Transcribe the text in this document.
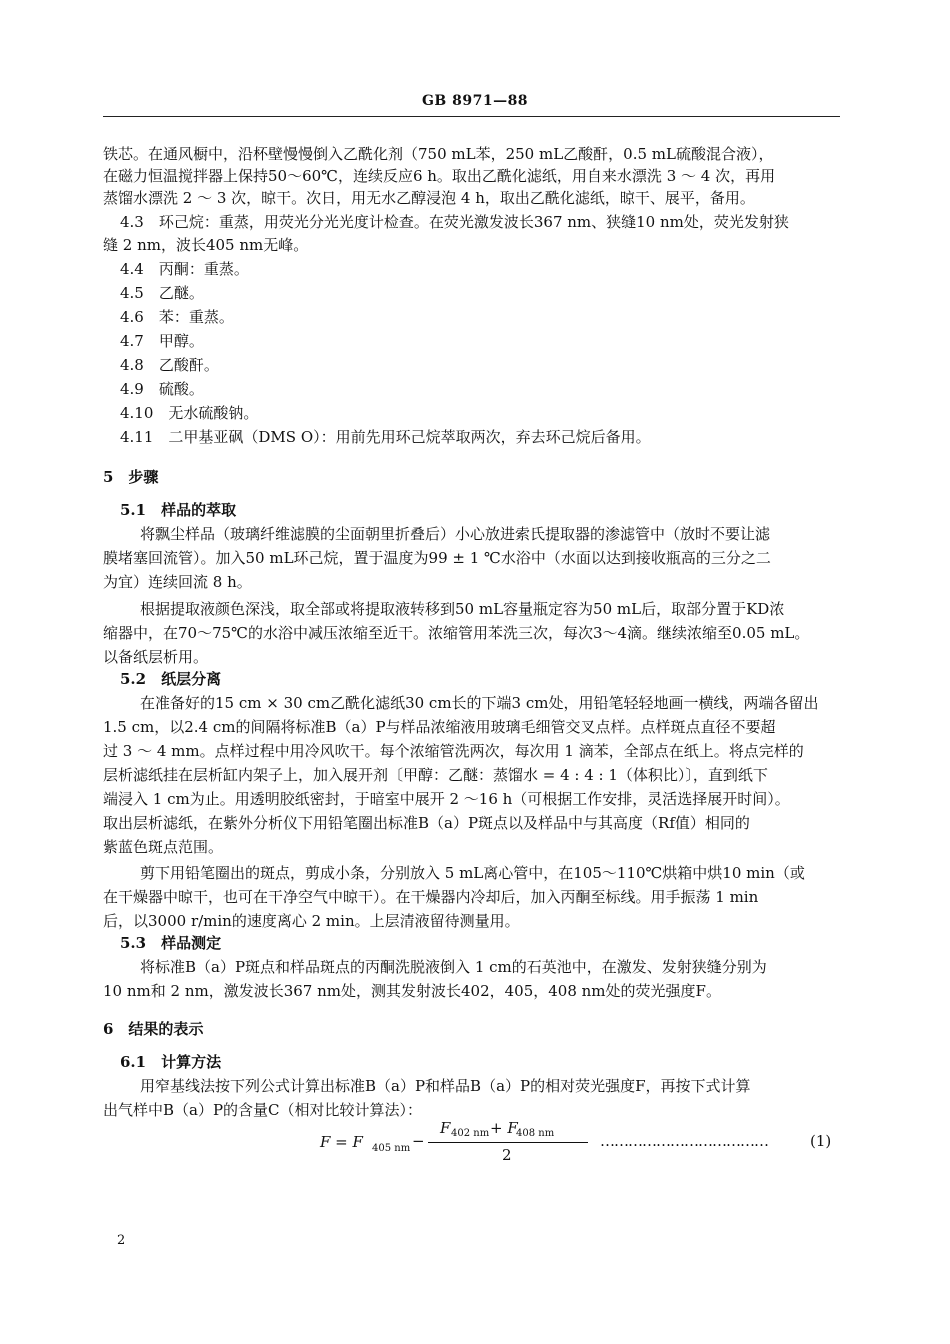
GB 8971—88
铁芯。在通风橱中，沿杯壁慢慢倒入乙酰化剂（750 mL苯，250 mL乙酸酐，0.5 mL硫酸混合液），
在磁力恒温搅拌器上保持50～60℃，连续反应6 h。取出乙酰化滤纸，用自来水漂洗 3 ～ 4 次，再用
蒸馏水漂洗 2 ～ 3 次，晾干。次日，用无水乙醇浸泡 4 h，取出乙酰化滤纸，晾干、展平，备用。
4.3　环己烷：重蒸，用荧光分光光度计检查。在荧光激发波长367 nm、狭缝10 nm处，荧光发射狭
缝 2 nm，波长405 nm无峰。
4.4　丙酮：重蒸。
4.5　乙醚。
4.6　苯：重蒸。
4.7　甲醇。
4.8　乙酸酐。
4.9　硫酸。
4.10　无水硫酸钠。
4.11　二甲基亚砜（DMS O）：用前先用环己烷萃取两次，弃去环己烷后备用。
5　步骤
5.1　样品的萃取
将飘尘样品（玻璃纤维滤膜的尘面朝里折叠后）小心放进索氏提取器的渗滤管中（放时不要让滤
膜堵塞回流管）。加入50 mL环己烷，置于温度为99 ± 1 ℃水浴中（水面以达到接收瓶高的三分之二
为宜）连续回流 8 h。
根据提取液颜色深浅，取全部或将提取液转移到50 mL容量瓶定容为50 mL后，取部分置于KD浓
缩器中，在70～75℃的水浴中减压浓缩至近干。浓缩管用苯洗三次，每次3～4滴。继续浓缩至0.05 mL。
以备纸层析用。
5.2　纸层分离
在准备好的15 cm × 30 cm乙酰化滤纸30 cm长的下端3 cm处，用铅笔轻轻地画一横线，两端各留出
1.5 cm，以2.4 cm的间隔将标准B（a）P与样品浓缩液用玻璃毛细管交叉点样。点样斑点直径不要超
过 3 ～ 4 mm。点样过程中用冷风吹干。每个浓缩管洗两次，每次用 1 滴苯，全部点在纸上。将点完样的
层析滤纸挂在层析缸内架子上，加入展开剂〔甲醇：乙醚：蒸馏水 = 4 : 4 : 1（体积比）〕，直到纸下
端浸入 1 cm为止。用透明胶纸密封，于暗室中展开 2 ～16 h（可根据工作安排，灵活选择展开时间）。
取出层析滤纸，在紫外分析仪下用铅笔圈出标准B（a）P斑点以及样品中与其高度（Rf值）相同的
紫蓝色斑点范围。
剪下用铅笔圈出的斑点，剪成小条，分别放入 5 mL离心管中，在105～110℃烘箱中烘10 min（或
在干燥器中晾干，也可在干净空气中晾干）。在干燥器内冷却后，加入丙酮至标线。用手振荡 1 min
后，以3000 r/min的速度离心 2 min。上层清液留待测量用。
5.3　样品测定
将标准B（a）P斑点和样品斑点的丙酮洗脱液倒入 1 cm的石英池中，在激发、发射狭缝分别为
10 nm和 2 nm，激发波长367 nm处，测其发射波长402，405，408 nm处的荧光强度F。
6　结果的表示
6.1　计算方法
用窄基线法按下列公式计算出标准B（a）P和样品B（a）P的相对荧光强度F，再按下式计算
出气样中B（a）P的含量C（相对比较计算法）：
F = F 405 nm −
F 402 nm + F
408 nm
2
………………………………	(1)
2
